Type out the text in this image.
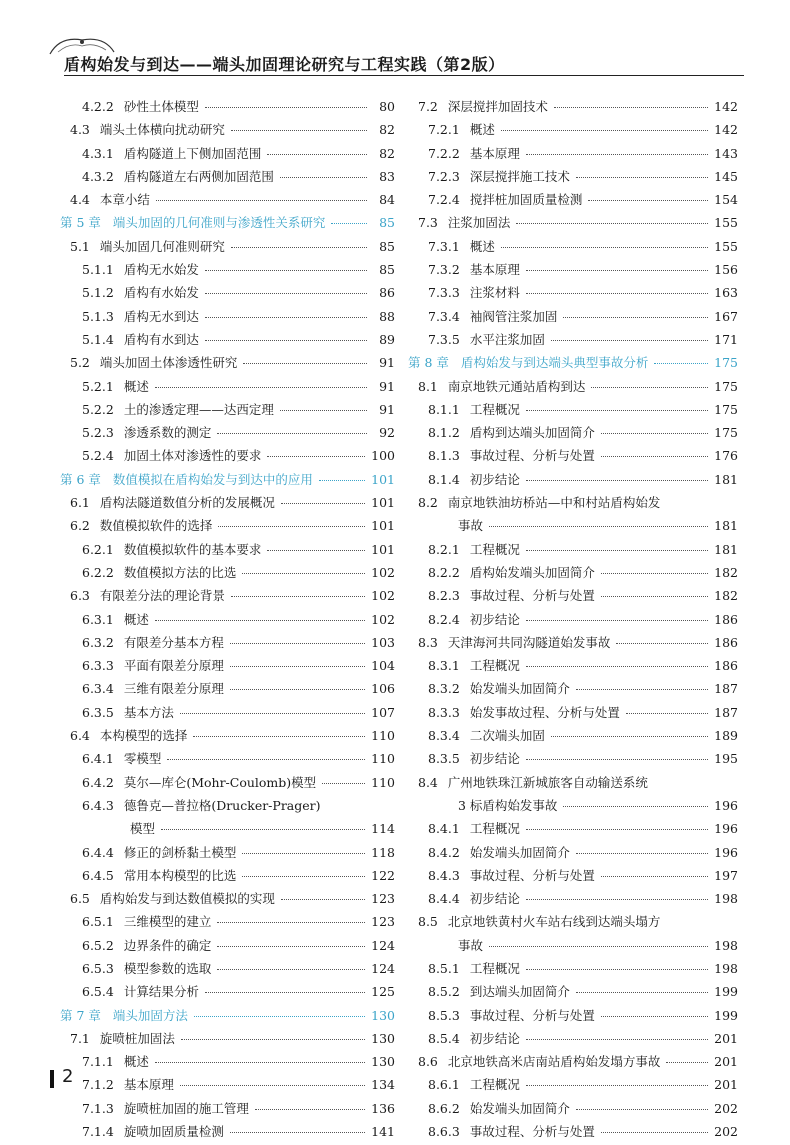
盾构始发与到达——端头加固理论研究与工程实践（第2版）
4.2.2 砂性土体模型	80
4.3 端头土体横向扰动研究	82
4.3.1 盾构隧道上下侧加固范围	82
4.3.2 盾构隧道左右两侧加固范围	83
4.4 本章小结	84
第 5 章 端头加固的几何准则与渗透性关系研究	85
5.1 端头加固几何准则研究	85
5.1.1 盾构无水始发	85
5.1.2 盾构有水始发	86
5.1.3 盾构无水到达	88
5.1.4 盾构有水到达	89
5.2 端头加固土体渗透性研究	91
5.2.1 概述	91
5.2.2 土的渗透定理——达西定理	91
5.2.3 渗透系数的测定	92
5.2.4 加固土体对渗透性的要求	100
第 6 章 数值模拟在盾构始发与到达中的应用	101
6.1 盾构法隧道数值分析的发展概况	101
6.2 数值模拟软件的选择	101
6.2.1 数值模拟软件的基本要求	101
6.2.2 数值模拟方法的比选	102
6.3 有限差分法的理论背景	102
6.3.1 概述	102
6.3.2 有限差分基本方程	103
6.3.3 平面有限差分原理	104
6.3.4 三维有限差分原理	106
6.3.5 基本方法	107
6.4 本构模型的选择	110
6.4.1 零模型	110
6.4.2 莫尔—库仑(Mohr-Coulomb)模型	110
6.4.3 德鲁克—普拉格(Drucker-Prager)
模型	114
6.4.4 修正的剑桥黏土模型	118
6.4.5 常用本构模型的比选	122
6.5 盾构始发与到达数值模拟的实现	123
6.5.1 三维模型的建立	123
6.5.2 边界条件的确定	124
6.5.3 模型参数的选取	124
6.5.4 计算结果分析	125
第 7 章 端头加固方法	130
7.1 旋喷桩加固法	130
7.1.1 概述	130
7.1.2 基本原理	134
7.1.3 旋喷桩加固的施工管理	136
7.1.4 旋喷加固质量检测	141
7.2 深层搅拌加固技术	142
7.2.1 概述	142
7.2.2 基本原理	143
7.2.3 深层搅拌施工技术	145
7.2.4 搅拌桩加固质量检测	154
7.3 注浆加固法	155
7.3.1 概述	155
7.3.2 基本原理	156
7.3.3 注浆材料	163
7.3.4 袖阀管注浆加固	167
7.3.5 水平注浆加固	171
第 8 章 盾构始发与到达端头典型事故分析	175
8.1 南京地铁元通站盾构到达	175
8.1.1 工程概况	175
8.1.2 盾构到达端头加固简介	175
8.1.3 事故过程、分析与处置	176
8.1.4 初步结论	181
8.2 南京地铁油坊桥站—中和村站盾构始发
事故	181
8.2.1 工程概况	181
8.2.2 盾构始发端头加固简介	182
8.2.3 事故过程、分析与处置	182
8.2.4 初步结论	186
8.3 天津海河共同沟隧道始发事故	186
8.3.1 工程概况	186
8.3.2 始发端头加固简介	187
8.3.3 始发事故过程、分析与处置	187
8.3.4 二次端头加固	189
8.3.5 初步结论	195
8.4 广州地铁珠江新城旅客自动输送系统
3 标盾构始发事故	196
8.4.1 工程概况	196
8.4.2 始发端头加固简介	196
8.4.3 事故过程、分析与处置	197
8.4.4 初步结论	198
8.5 北京地铁黄村火车站右线到达端头塌方
事故	198
8.5.1 工程概况	198
8.5.2 到达端头加固简介	199
8.5.3 事故过程、分析与处置	199
8.5.4 初步结论	201
8.6 北京地铁高米店南站盾构始发塌方事故	201
8.6.1 工程概况	201
8.6.2 始发端头加固简介	202
8.6.3 事故过程、分析与处置	202
2
